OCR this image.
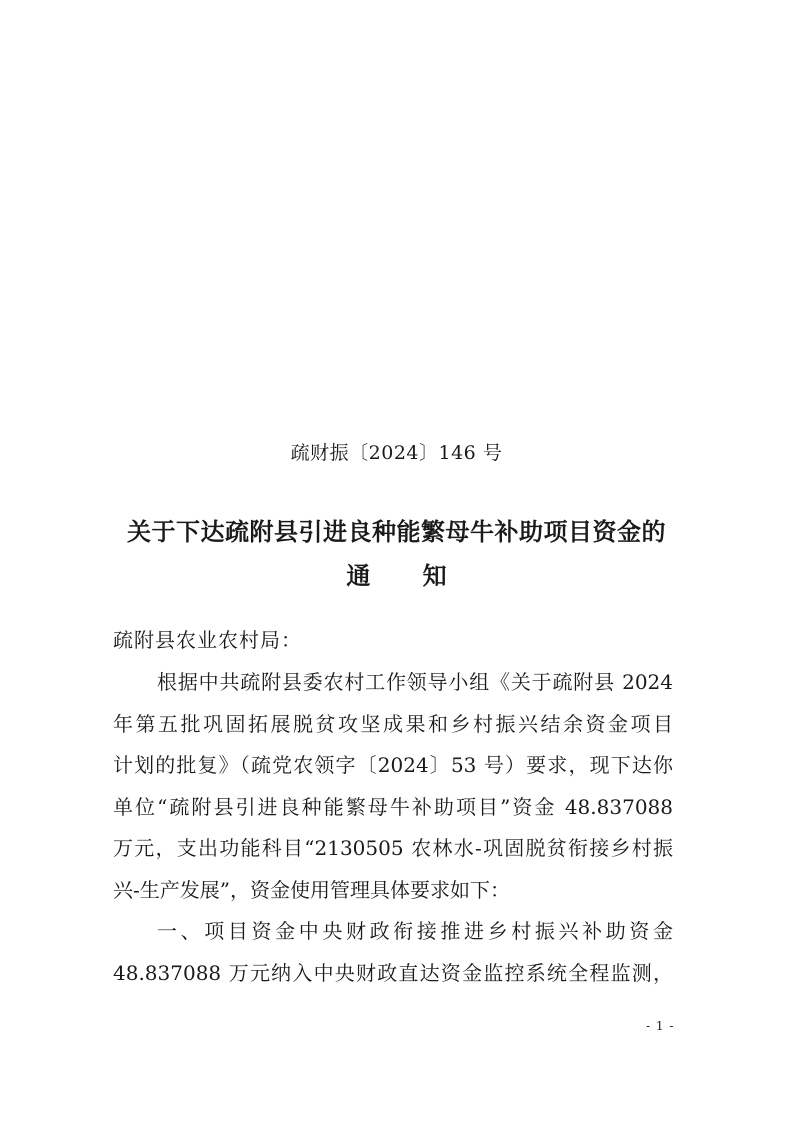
疏财振〔2024〕146 号
关于下达疏附县引进良种能繁母牛补助项目资金的
通 知
疏附县农业农村局：
根据中共疏附县委农村工作领导小组《关于疏附县 2024
年第五批巩固拓展脱贫攻坚成果和乡村振兴结余资金项目
计划的批复》（疏党农领字〔2024〕53 号）要求，现下达你
单位“疏附县引进良种能繁母牛补助项目”资金 48.837088
万元，支出功能科目“2130505 农林水-巩固脱贫衔接乡村振
兴-生产发展”，资金使用管理具体要求如下：
一、项目资金中央财政衔接推进乡村振兴补助资金
48.837088 万元纳入中央财政直达资金监控系统全程监测，
- 1 -
